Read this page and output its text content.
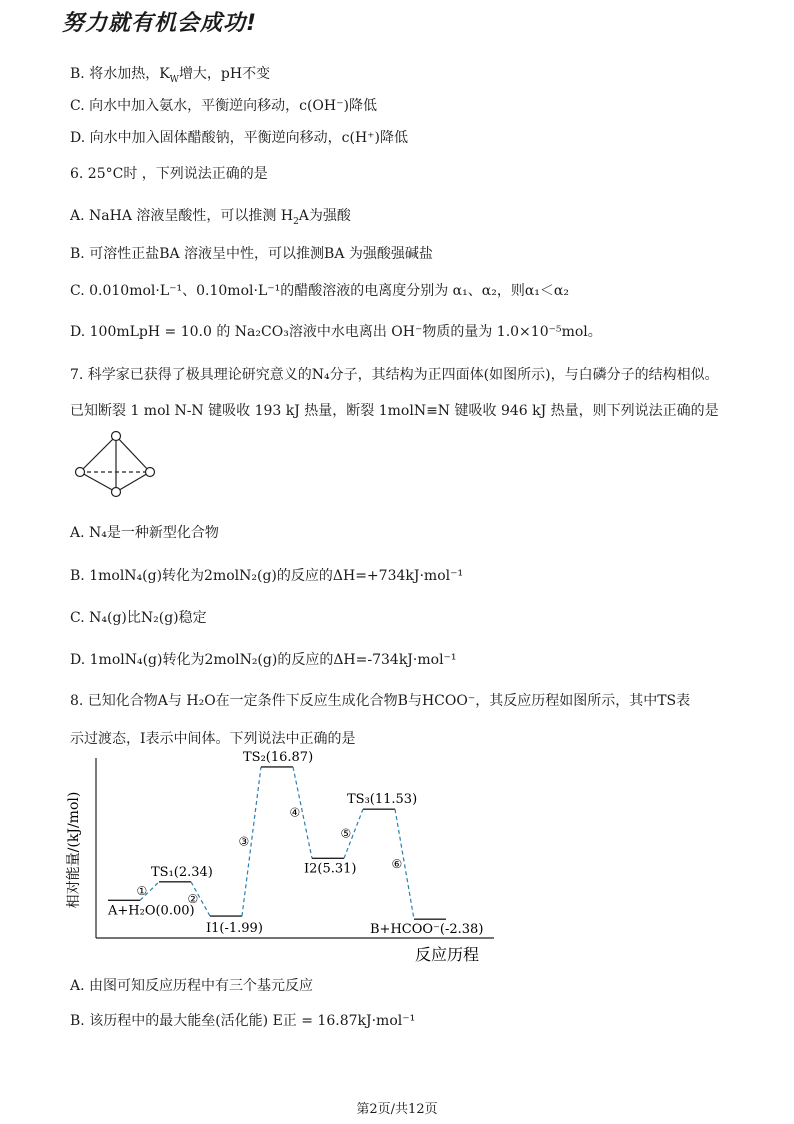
努力就有机会成功!
B. 将水加热，$K_W$增大，pH不变
C. 向水中加入氨水，平衡逆向移动，c(OH⁻)降低
D. 向水中加入固体醋酸钠，平衡逆向移动，c(H⁺)降低
6. 25°C时 ，下列说法正确的是
A. NaHA 溶液呈酸性，可以推测 $H_2A$为强酸
B. 可溶性正盐BA 溶液呈中性，可以推测BA 为强酸强碱盐
C. 0.010mol·L⁻¹、0.10mol·L⁻¹的醋酸溶液的电离度分别为 α₁、α₂，则α₁＜α₂
D. 100mLpH = 10.0 的 Na₂CO₃溶液中水电离出 OH⁻物质的量为 1.0×10⁻⁵mol。
7. 科学家已获得了极具理论研究意义的N₄分子，其结构为正四面体(如图所示)，与白磷分子的结构相似。
已知断裂 1 mol N-N 键吸收 193 kJ 热量，断裂 1molN≡N 键吸收 946 kJ 热量，则下列说法正确的是
A. N₄是一种新型化合物
B. 1molN₄(g)转化为2molN₂(g)的反应的ΔH=+734kJ·mol⁻¹
C. N₄(g)比N₂(g)稳定
D. 1molN₄(g)转化为2molN₂(g)的反应的ΔH=-734kJ·mol⁻¹
8. 已知化合物A与 H₂O在一定条件下反应生成化合物B与HCOO⁻，其反应历程如图所示，其中TS表
示过渡态，I表示中间体。下列说法中正确的是
相对能量/(kJ/mol)
反应历程
A+H₂O(0.00)
①
TS₁(2.34)
②
I1(-1.99)
③
TS₂(16.87)
④
I2(5.31)
⑤
TS₃(11.53)
⑥
B+HCOO⁻(-2.38)
A. 由图可知反应历程中有三个基元反应
B. 该历程中的最大能垒(活化能) E正 = 16.87kJ·mol⁻¹
第2页/共12页
